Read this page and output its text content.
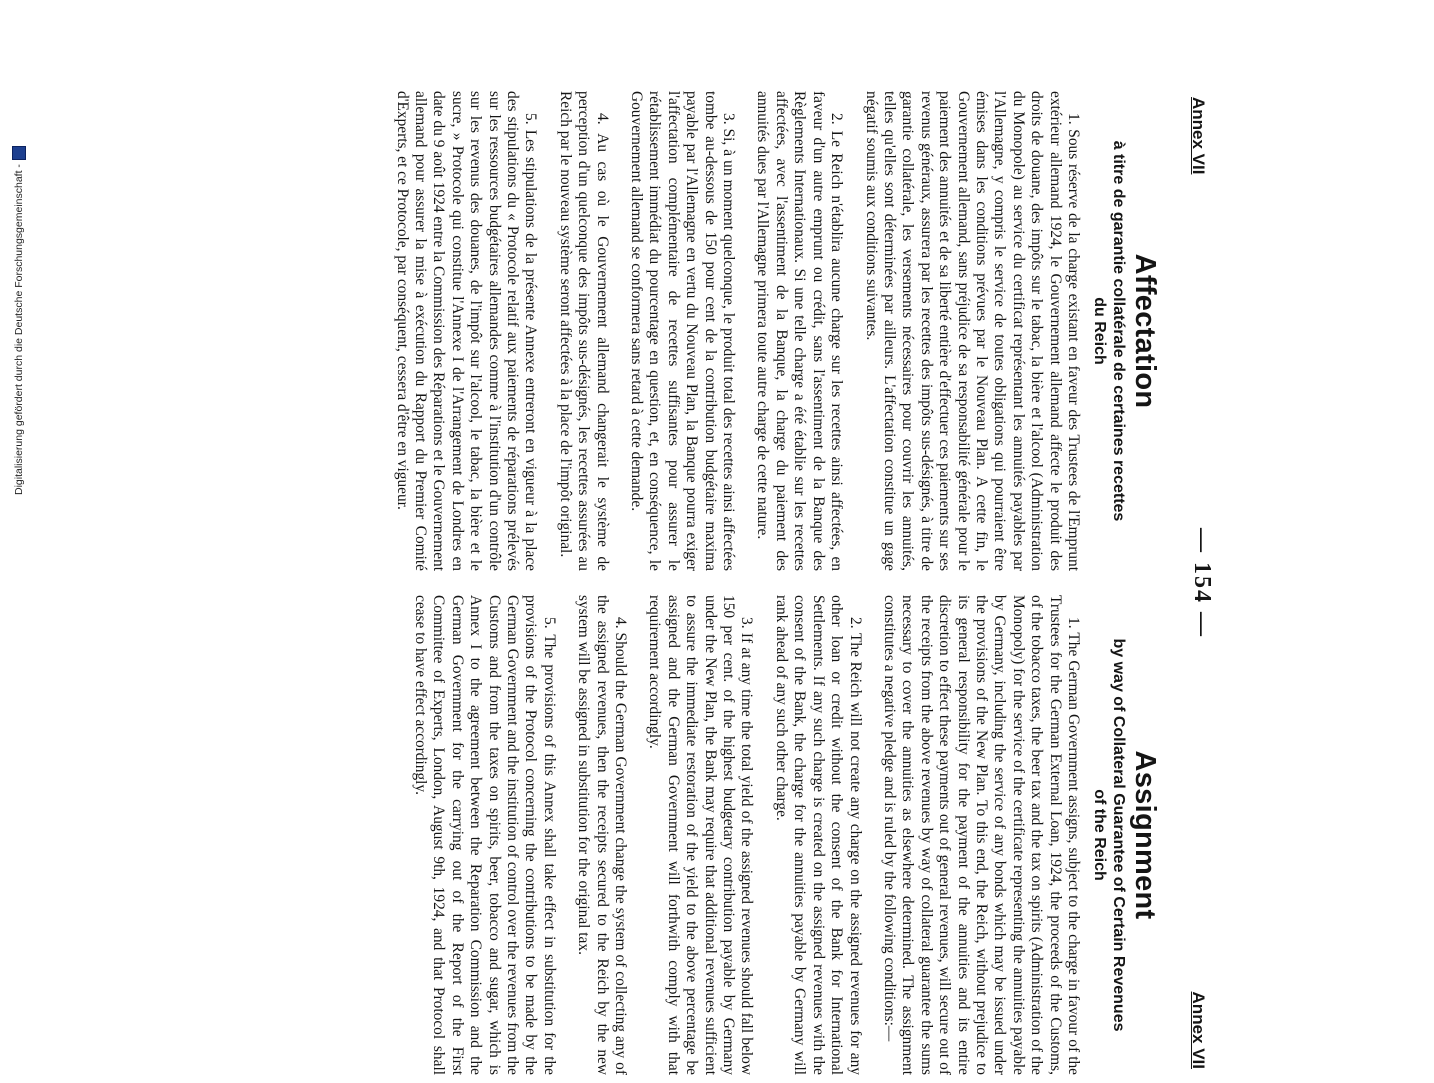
Annex VII
— 154 —
Annex VII
Affectation
à titre de garantie collatérale de certaines recettes
du Reich

1. Sous réserve de la charge existant en faveur des Trustees de l'Emprunt extérieur allemand 1924, le Gouvernement allemand affecte le produit des droits de douane, des impôts sur le tabac, la bière et l'alcool (Administration du Monopole) au service du certificat représentant les annuités payables par l'Allemagne, y compris le service de toutes obligations qui pourraient être émises dans les conditions prévues par le Nouveau Plan. A cette fin, le Gouvernement allemand, sans préjudice de sa responsabilité générale pour le paiement des annuités et de sa liberté entière d'effectuer ces paiements sur ses revenus généraux, assurera par les recettes des impôts sus-désignés, à titre de garantie collatérale, les versements nécessaires pour couvrir les annuités, telles qu'elles sont déterminées par ailleurs. L'affectation constitue un gage négatif soumis aux conditions suivantes.

2. Le Reich n'établira aucune charge sur les recettes ainsi affectées, en faveur d'un autre emprunt ou crédit, sans l'assentiment de la Banque des Règlements Internationaux. Si une telle charge a été établie sur les recettes affectées, avec l'assentiment de la Banque, la charge du paiement des annuités dues par l'Allemagne primera toute autre charge de cette nature.

3. Si, à un moment quelconque, le produit total des recettes ainsi affectées tombe au-dessous de 150 pour cent de la contribution budgétaire maxima payable par l'Allemagne en vertu du Nouveau Plan, la Banque pourra exiger l'affectation complémentaire de recettes suffisantes pour assurer le rétablissement immédiat du pourcentage en question, et, en conséquence, le Gouvernement allemand se conformera sans retard à cette demande.

4. Au cas où le Gouvernement allemand changerait le système de perception d'un quelconque des impôts sus-désignés, les recettes assurées au Reich par le nouveau système seront affectées à la place de l'impôt original.

5. Les stipulations de la présente Annexe entreront en vigueur à la place des stipulations du « Protocole relatif aux paiements de réparations prélevés sur les ressources budgétaires allemandes comme à l'institution d'un contrôle sur les revenus des douanes, de l'impôt sur l'alcool, le tabac, la bière et le sucre, » Protocole qui constitue l'Annexe I de l'Arrangement de Londres en date du 9 août 1924 entre la Commission des Réparations et le Gouvernement allemand pour assurer la mise à exécution du Rapport du Premier Comité d'Experts, et ce Protocole, par conséquent, cessera d'être en vigueur.

Assignment
by way of Collateral Guarantee of Certain Revenues
of the Reich

1. The German Government assigns, subject to the charge in favour of the Trustees for the German External Loan, 1924, the proceeds of the Customs, of the tobacco taxes, the beer tax and the tax on spirits (Administration of the Monopoly) for the service of the certificate representing the annuities payable by Germany, including the service of any bonds which may be issued under the provisions of the New Plan. To this end, the Reich, without prejudice to its general responsibility for the payment of the annuities and its entire discretion to effect these payments out of general revenues, will secure out of the receipts from the above revenues by way of collateral guarantee the sums necessary to cover the annuities as elsewhere determined. The assignment constitutes a negative pledge and is ruled by the following conditions:—

2. The Reich will not create any charge on the assigned revenues for any other loan or credit without the consent of the Bank for International Settlements. If any such charge is created on the assigned revenues with the consent of the Bank, the charge for the annuities payable by Germany will rank ahead of any such other charge.

3. If at any time the total yield of the assigned revenues should fall below 150 per cent. of the highest budgetary contribution payable by Germany under the New Plan, the Bank may require that additional revenues sufficient to assure the immediate restoration of the yield to the above percentage be assigned and the German Government will forthwith comply with that requirement accordingly.

4. Should the German Government change the system of collecting any of the assigned revenues, then the receipts secured to the Reich by the new system will be assigned in substitution for the original tax.

5. The provisions of this Annex shall take effect in substitution for the provisions of the Protocol concerning the contributions to be made by the German Government and the institution of control over the revenues from the Customs and from the taxes on spirits, beer, tobacco and sugar, which is Annex I to the agreement between the Reparation Commission and the German Government for the carrying out of the Report of the First Committee of Experts, London, August 9th, 1924, and that Protocol shall cease to have effect accordingly.

Digitalisierung gefördert durch die Deutsche Forschungsgemeinschaft -
